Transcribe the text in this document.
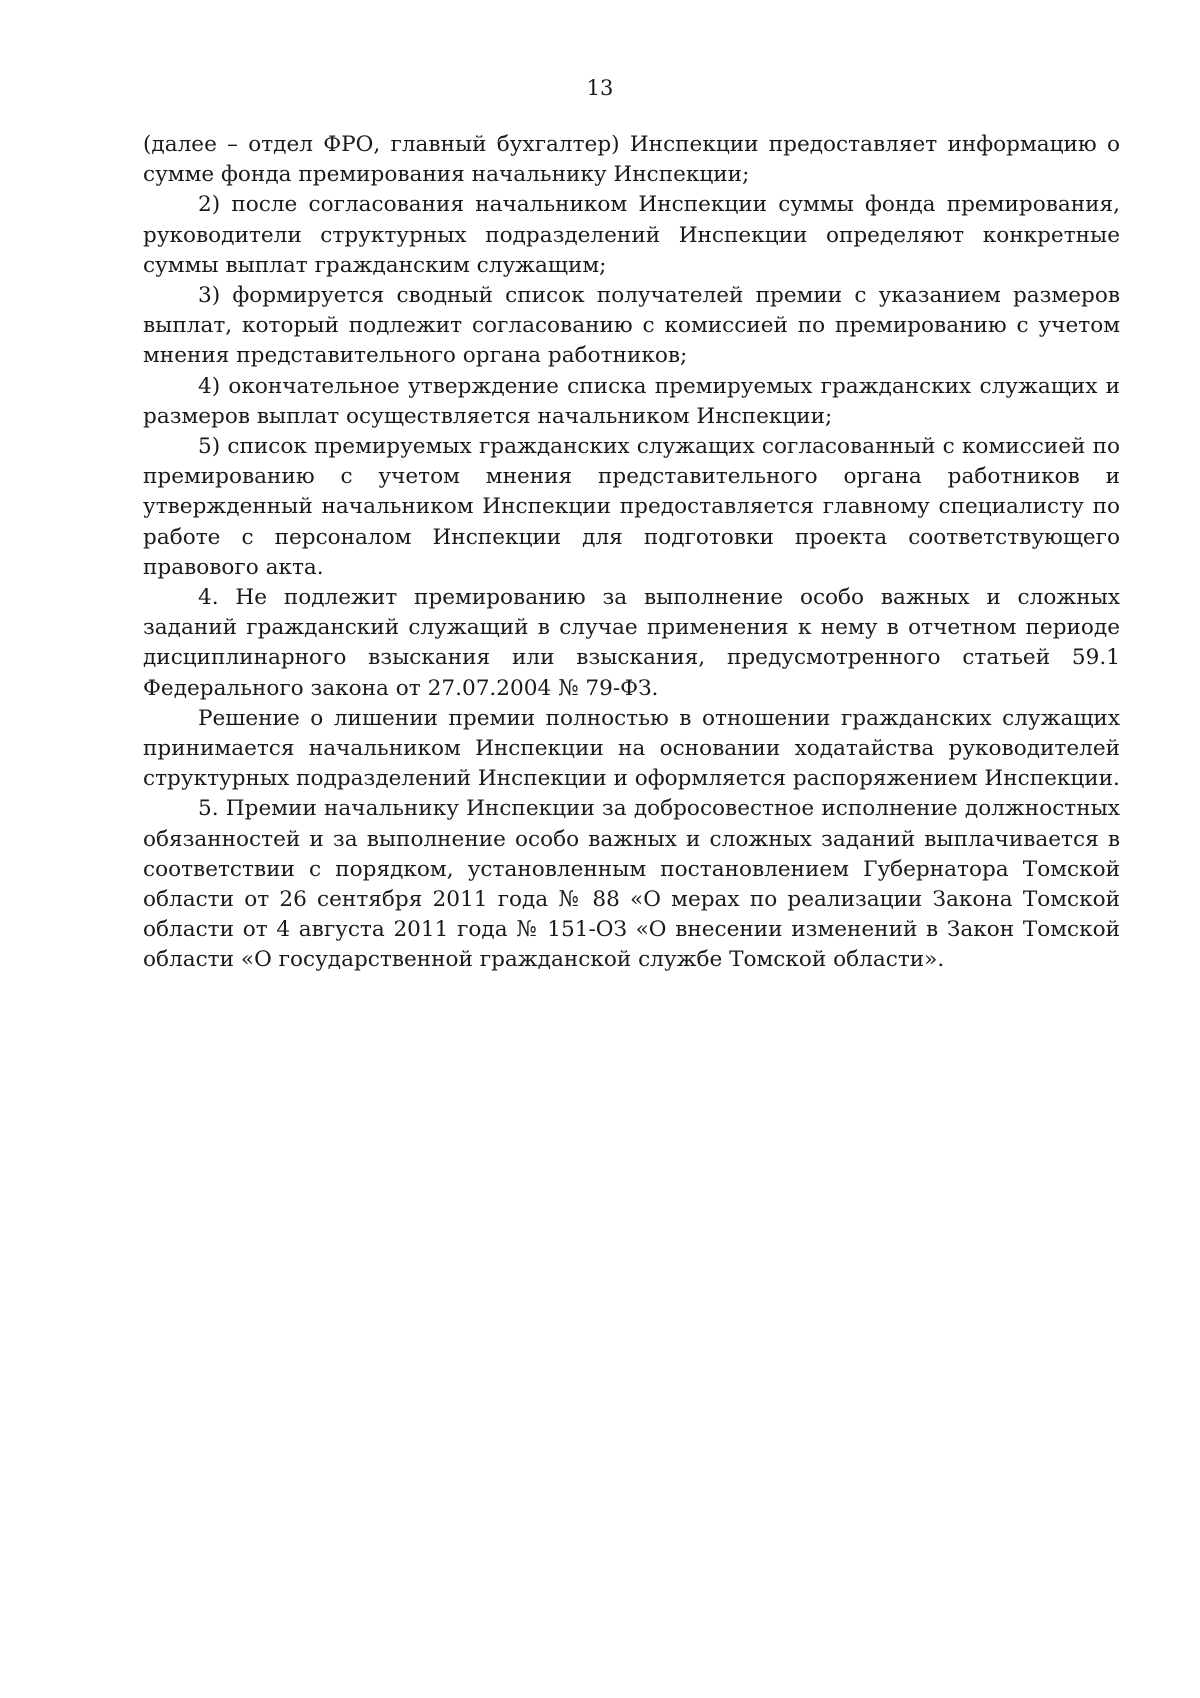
13

(далее – отдел ФРО, главный бухгалтер) Инспекции предоставляет информацию о сумме фонда премирования начальнику Инспекции;

2) после согласования начальником Инспекции суммы фонда премирования, руководители структурных подразделений Инспекции определяют конкретные суммы выплат гражданским служащим;

3) формируется сводный список получателей премии с указанием размеров выплат, который подлежит согласованию с комиссией по премированию с учетом мнения представительного органа работников;

4) окончательное утверждение списка премируемых гражданских служащих и размеров выплат осуществляется начальником Инспекции;

5) список премируемых гражданских служащих согласованный с комиссией по премированию с учетом мнения представительного органа работников и утвержденный начальником Инспекции предоставляется главному специалисту по работе с персоналом Инспекции для подготовки проекта соответствующего правового акта.

4. Не подлежит премированию за выполнение особо важных и сложных заданий гражданский служащий в случае применения к нему в отчетном периоде дисциплинарного взыскания или взыскания, предусмотренного статьей 59.1 Федерального закона от 27.07.2004 № 79-ФЗ.

Решение о лишении премии полностью в отношении гражданских служащих принимается начальником Инспекции на основании ходатайства руководителей структурных подразделений Инспекции и оформляется распоряжением Инспекции.

5. Премии начальнику Инспекции за добросовестное исполнение должностных обязанностей и за выполнение особо важных и сложных заданий выплачивается в соответствии с порядком, установленным постановлением Губернатора Томской области от 26 сентября 2011 года № 88 «О мерах по реализации Закона Томской области от 4 августа 2011 года № 151-ОЗ «О внесении изменений в Закон Томской области «О государственной гражданской службе Томской области».
